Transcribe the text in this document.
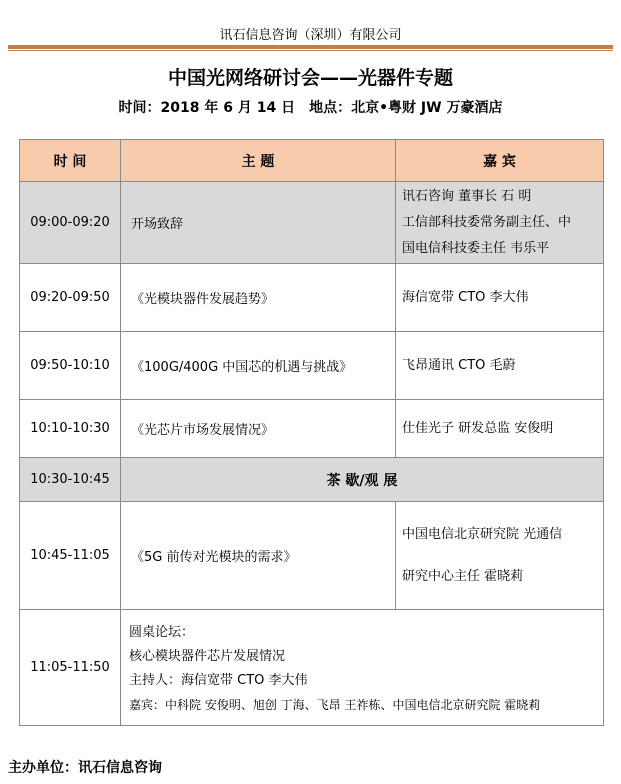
讯石信息咨询（深圳）有限公司
中国光网络研讨会——光器件专题
时间：2018 年 6 月 14 日 地点：北京•粤财 JW 万豪酒店
时 间	主 题	嘉 宾
09:00-09:20	开场致辞	讯石咨询 董事长 石 明
工信部科技委常务副主任、中
国电信科技委主任 韦乐平

09:20-09:50	《光模块器件发展趋势》	海信宽带 CTO 李大伟

09:50-10:10	《100G/400G 中国芯的机遇与挑战》	飞昂通讯 CTO 毛蔚

10:10-10:30	《光芯片市场发展情况》	仕佳光子 研发总监 安俊明

10:30-10:45	茶 歇/观 展	
10:45-11:05	《5G 前传对光模块的需求》	中国电信北京研究院 光通信
研究中心主任 霍晓莉

11:05-11:50	圆桌论坛：
核心模块器件芯片发展情况
主持人：海信宽带 CTO 李大伟
嘉宾：中科院 安俊明、旭创 丁海、飞昂 王祚栋、中国电信北京研究院 霍晓莉	
主办单位：讯石信息咨询
